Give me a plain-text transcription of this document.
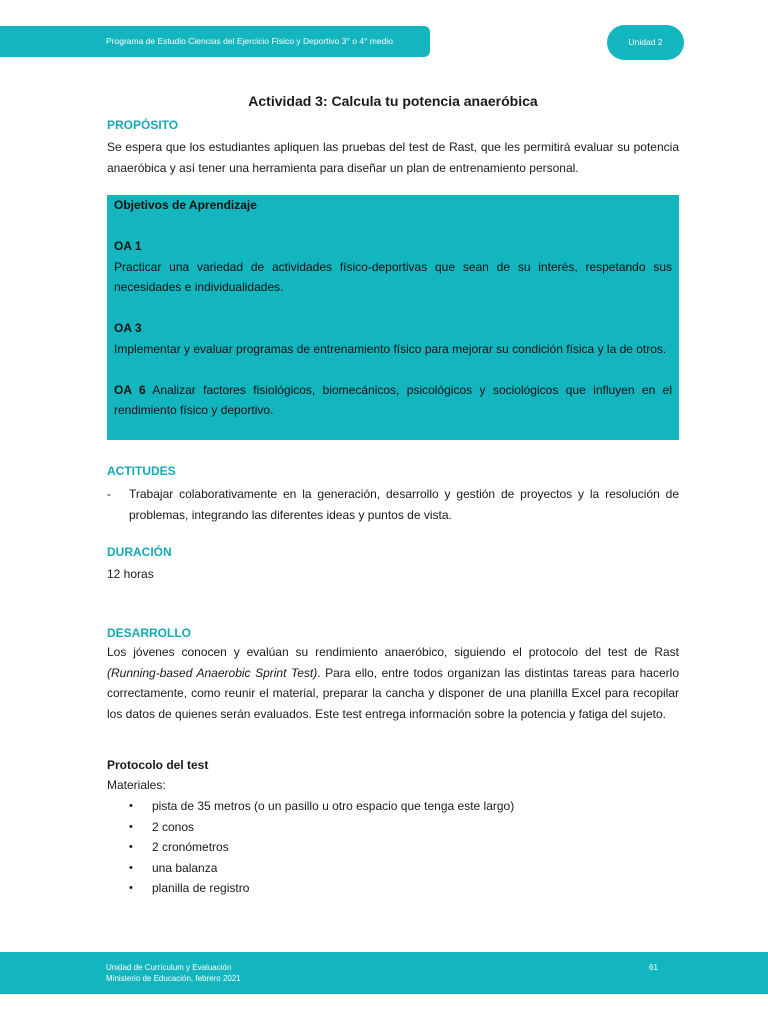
Programa de Estudio Ciencias del Ejercicio Físico y Deportivo 3° o 4° medio	Unidad 2
Actividad 3: Calcula tu potencia anaeróbica
PROPÓSITO

Se espera que los estudiantes apliquen las pruebas del test de Rast, que les permitirá evaluar su potencia anaeróbica y así tener una herramienta para diseñar un plan de entrenamiento personal.

Objetivos de Aprendizaje

OA 1

Practicar una variedad de actividades físico-deportivas que sean de su interés, respetando sus necesidades e individualidades.

OA 3

Implementar y evaluar programas de entrenamiento físico para mejorar su condición física y la de otros.

OA 6 Analizar factores fisiológicos, biomecánicos, psicológicos y sociológicos que influyen en el rendimiento físico y deportivo.

ACTITUDES
- Trabajar colaborativamente en la generación, desarrollo y gestión de proyectos y la resolución de problemas, integrando las diferentes ideas y puntos de vista.
DURACIÓN

12 horas

DESARROLLO

Los jóvenes conocen y evalúan su rendimiento anaeróbico, siguiendo el protocolo del test de Rast (Running-based Anaerobic Sprint Test). Para ello, entre todos organizan las distintas tareas para hacerlo correctamente, como reunir el material, preparar la cancha y disponer de una planilla Excel para recopilar los datos de quienes serán evaluados. Este test entrega información sobre la potencia y fatiga del sujeto.

Protocolo del test

Materiales:

• pista de 35 metros (o un pasillo u otro espacio que tenga este largo)
• 2 conos
• 2 cronómetros
• una balanza
• planilla de registro
Unidad de Currículum y Evaluación
Ministerio de Educación, febrero 2021
61
